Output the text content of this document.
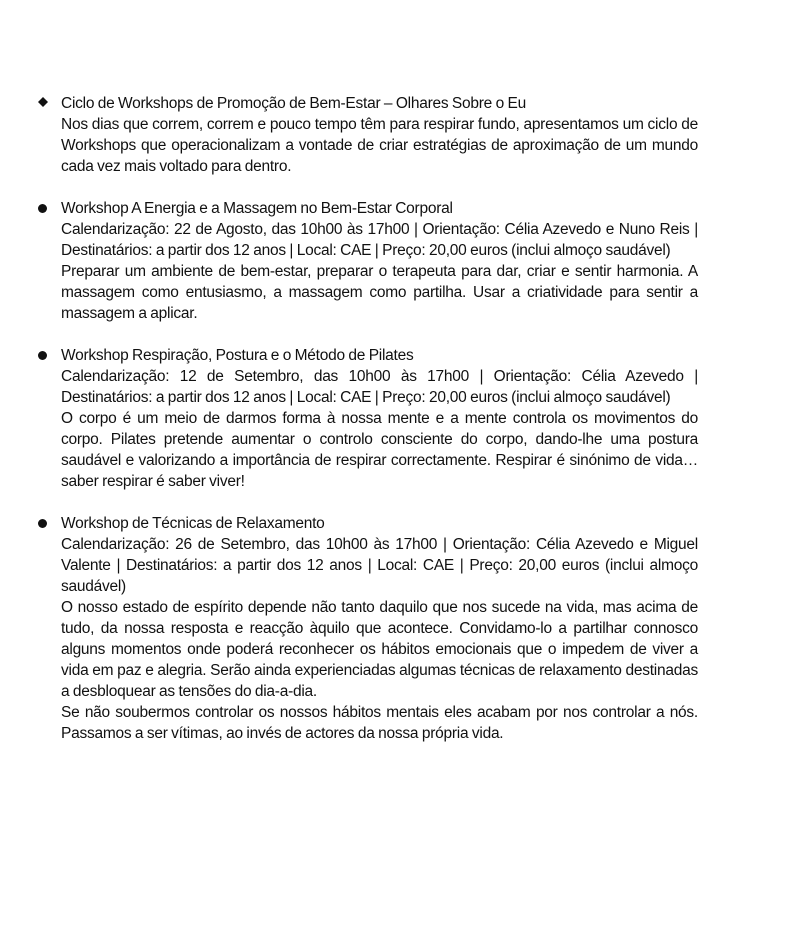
Ciclo de Workshops de Promoção de Bem-Estar – Olhares Sobre o Eu

Nos dias que correm, correm e pouco tempo têm para respirar fundo, apresentamos um ciclo de Workshops que operacionalizam a vontade de criar estratégias de aproximação de um mundo cada vez mais voltado para dentro.

Workshop A Energia e a Massagem no Bem-Estar Corporal

Calendarização: 22 de Agosto, das 10h00 às 17h00 | Orientação: Célia Azevedo e Nuno Reis | Destinatários: a partir dos 12 anos | Local: CAE | Preço: 20,00 euros (inclui almoço saudável)

Preparar um ambiente de bem-estar, preparar o terapeuta para dar, criar e sentir harmonia. A massagem como entusiasmo, a massagem como partilha. Usar a criatividade para sentir a massagem a aplicar.

Workshop Respiração, Postura e o Método de Pilates

Calendarização: 12 de Setembro, das 10h00 às 17h00 | Orientação: Célia Azevedo | Destinatários: a partir dos 12 anos | Local: CAE | Preço: 20,00 euros (inclui almoço saudável)

O corpo é um meio de darmos forma à nossa mente e a mente controla os movimentos do corpo. Pilates pretende aumentar o controlo consciente do corpo, dando-lhe uma postura saudável e valorizando a importância de respirar correctamente. Respirar é sinónimo de vida… saber respirar é saber viver!

Workshop de Técnicas de Relaxamento

Calendarização: 26 de Setembro, das 10h00 às 17h00 | Orientação: Célia Azevedo e Miguel Valente | Destinatários: a partir dos 12 anos | Local: CAE | Preço: 20,00 euros (inclui almoço saudável)

O nosso estado de espírito depende não tanto daquilo que nos sucede na vida, mas acima de tudo, da nossa resposta e reacção àquilo que acontece. Convidamo-lo a partilhar connosco alguns momentos onde poderá reconhecer os hábitos emocionais que o impedem de viver a vida em paz e alegria. Serão ainda experienciadas algumas técnicas de relaxamento destinadas a desbloquear as tensões do dia-a-dia.

Se não soubermos controlar os nossos hábitos mentais eles acabam por nos controlar a nós. Passamos a ser vítimas, ao invés de actores da nossa própria vida.
